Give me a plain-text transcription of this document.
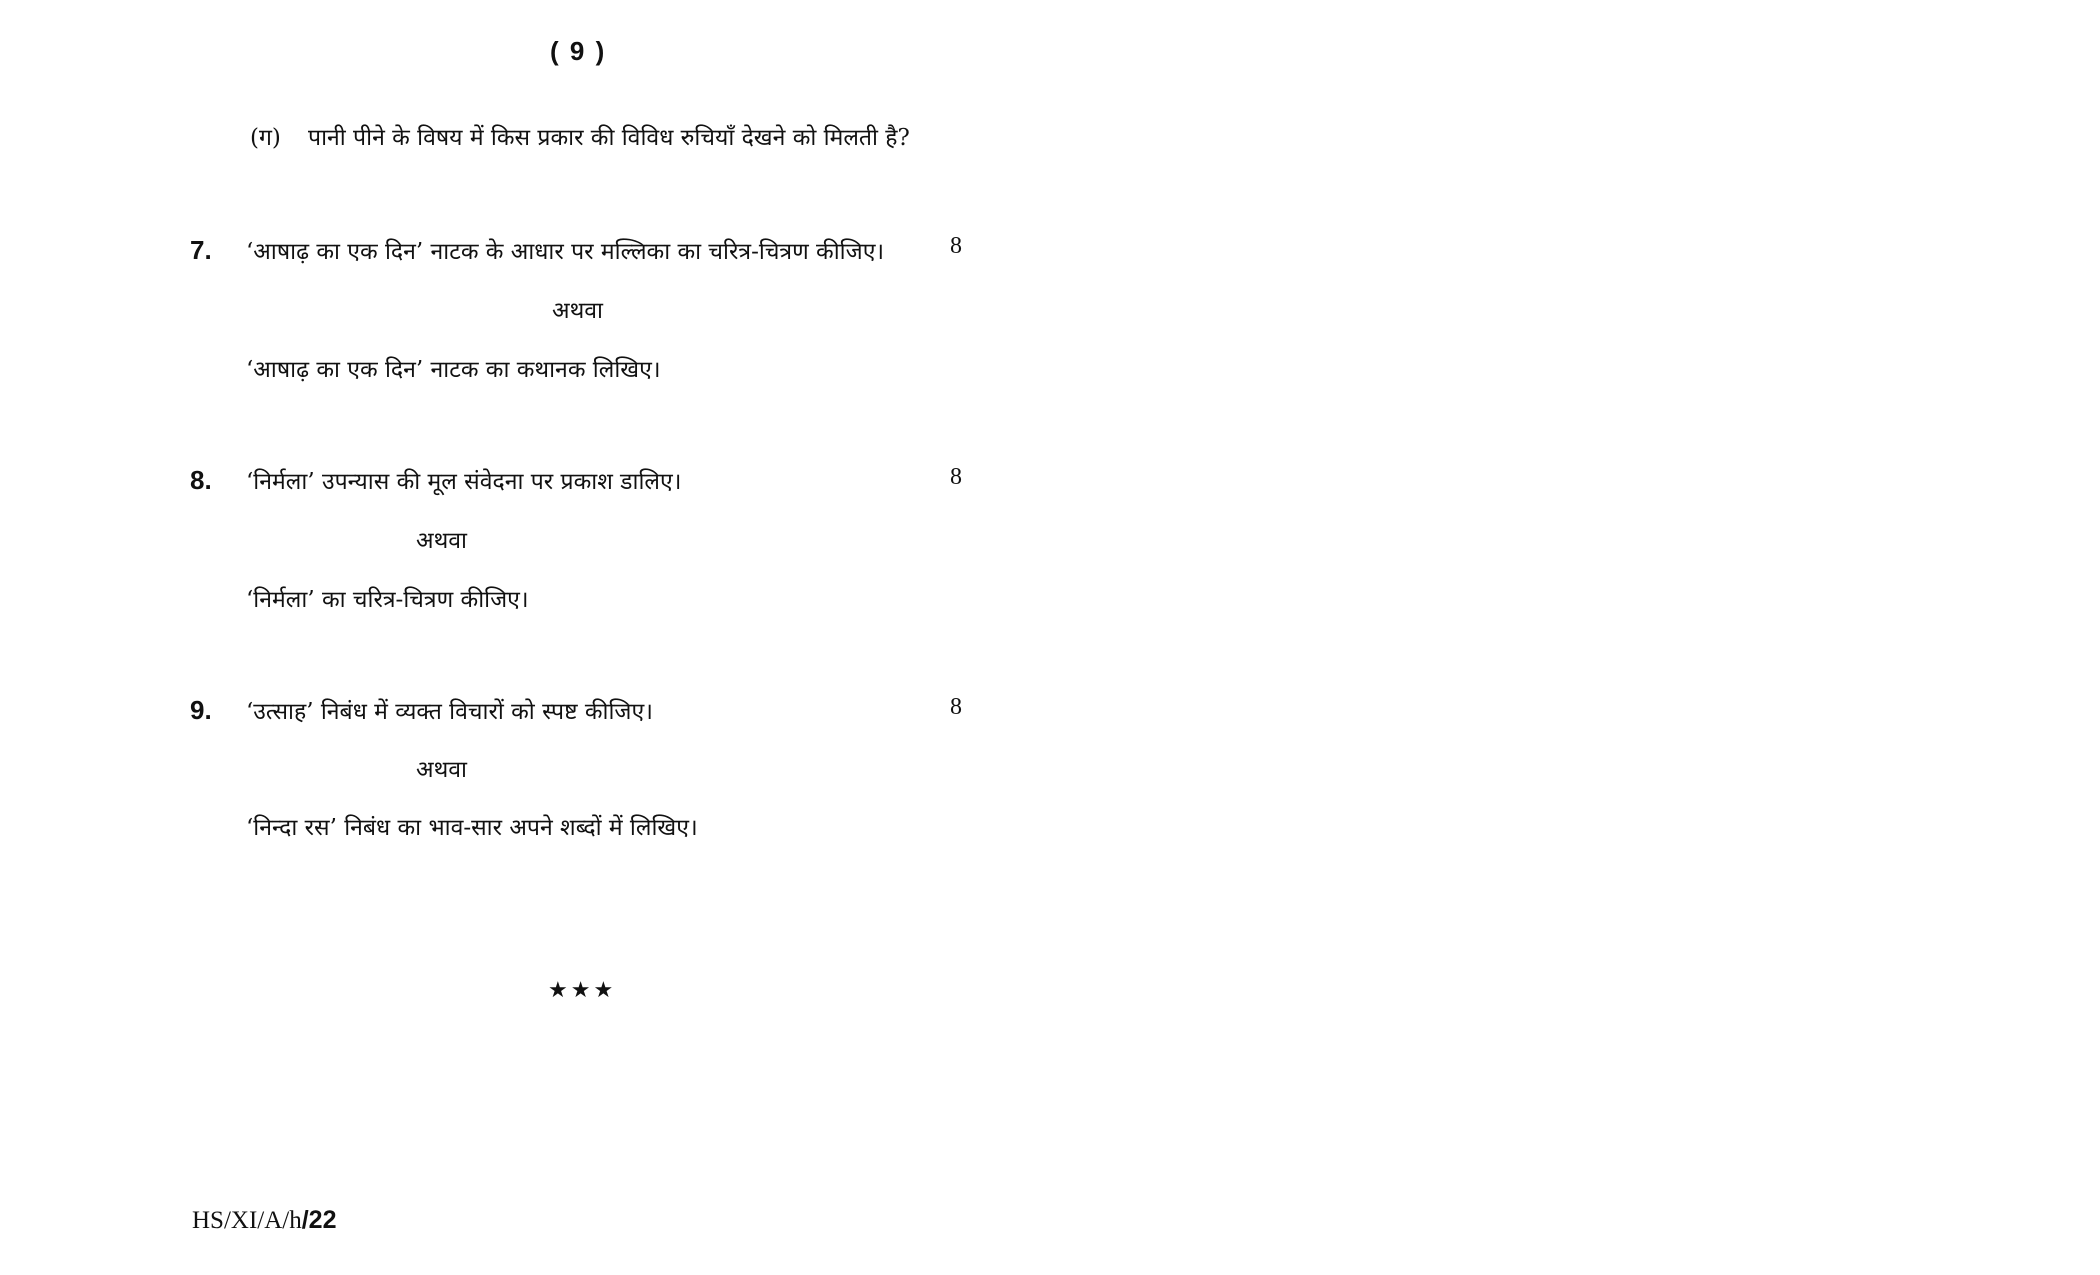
( 9 )
(ग) पानी पीने के विषय में किस प्रकार की विविध रुचियाँ देखने को मिलती है?
7. ‘आषाढ़ का एक दिन’ नाटक के आधार पर मल्लिका का चरित्र-चित्रण कीजिए।	8
अथवा
‘आषाढ़ का एक दिन’ नाटक का कथानक लिखिए।
8. ‘निर्मला’ उपन्यास की मूल संवेदना पर प्रकाश डालिए।	8
अथवा
‘निर्मला’ का चरित्र-चित्रण कीजिए।
9. ‘उत्साह’ निबंध में व्यक्त विचारों को स्पष्ट कीजिए।	8
अथवा
‘निन्दा रस’ निबंध का भाव-सार अपने शब्दों में लिखिए।
★★★
HS/XI/A/h/22
